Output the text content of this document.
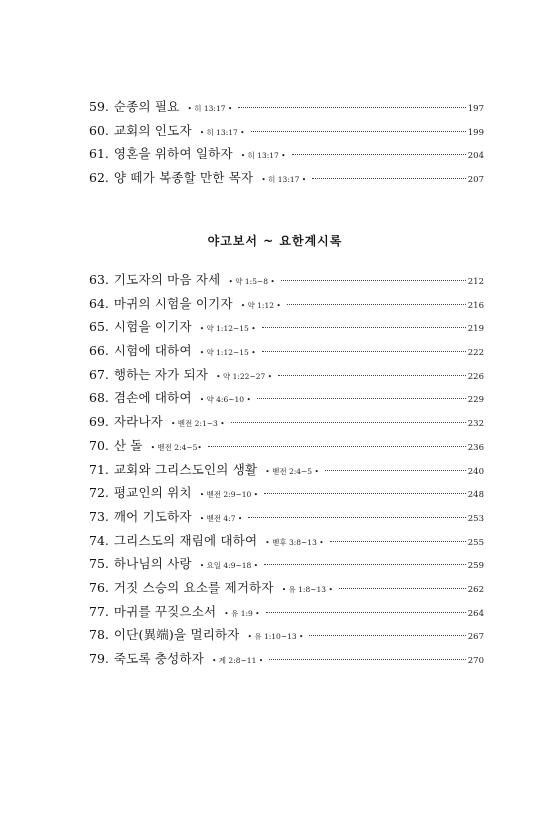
59. 순종의 필요 • 히 13:17 •	197
60. 교회의 인도자 • 히 13:17 •	199
61. 영혼을 위하여 일하자 • 히 13:17 •	204
62. 양 떼가 복종할 만한 목자 • 히 13:17 •	207
야고보서 ~ 요한계시록
63. 기도자의 마음 자세 • 약 1:5~8 •	212
64. 마귀의 시험을 이기자 • 약 1:12 •	216
65. 시험을 이기자 • 약 1:12~15 •	219
66. 시험에 대하여 • 약 1:12~15 •	222
67. 행하는 자가 되자 • 약 1:22~27 •	226
68. 겸손에 대하여 • 약 4:6~10 •	229
69. 자라나자 • 벧전 2:1~3 •	232
70. 산 돌 • 벧전 2:4~5•	236
71. 교회와 그리스도인의 생활 • 벧전 2:4~5 •	240
72. 평교인의 위치 • 벧전 2:9~10 •	248
73. 깨어 기도하자 • 벧전 4:7 •	253
74. 그리스도의 재림에 대하여 • 벧후 3:8~13 •	255
75. 하나님의 사랑 • 요일 4:9~18 •	259
76. 거짓 스승의 요소를 제거하자 • 유 1:8~13 •	262
77. 마귀를 꾸짖으소서 • 유 1:9 •	264
78. 이단(異端)을 멀리하자 • 유 1:10~13 •	267
79. 죽도록 충성하자 • 계 2:8~11 •	270
